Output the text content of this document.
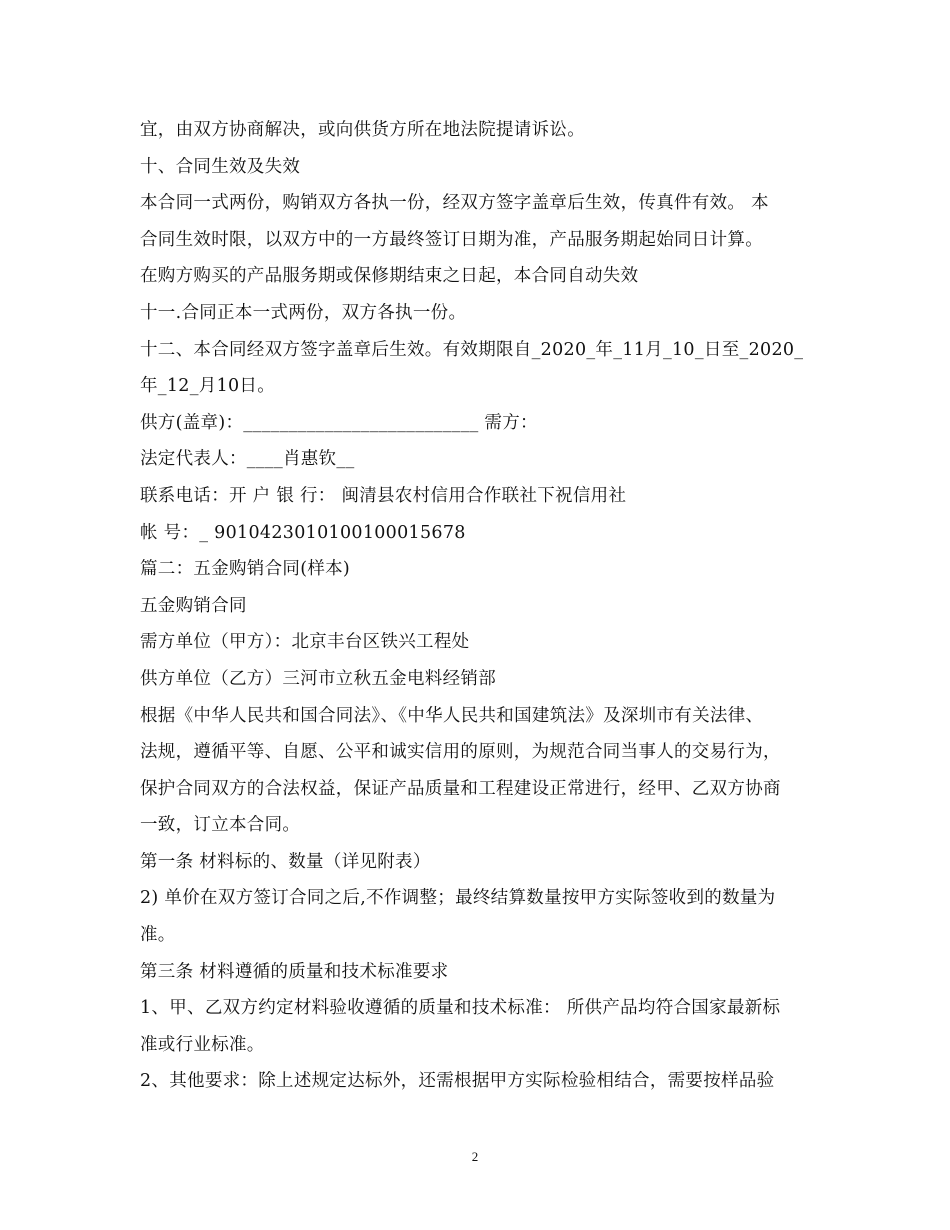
宜，由双方协商解决，或向供货方所在地法院提请诉讼。
十、合同生效及失效
本合同一式两份，购销双方各执一份，经双方签字盖章后生效，传真件有效。 本
合同生效时限，以双方中的一方最终签订日期为准，产品服务期起始同日计算。
在购方购买的产品服务期或保修期结束之日起，本合同自动失效
十一.合同正本一式两份，双方各执一份。
十二、本合同经双方签字盖章后生效。有效期限自_2020_年_11月_10_日至_2020_
年_12_月10日。
供方(盖章)：__________________________ 需方：
法定代表人：____肖惠钦__
联系电话：开 户 银 行： 闽清县农村信用合作联社下祝信用社
帐 号：_ 9010423010100100015678
篇二：五金购销合同(样本)
五金购销合同
需方单位（甲方）：北京丰台区铁兴工程处
供方单位（乙方）三河市立秋五金电料经销部
根据《中华人民共和国合同法》、《中华人民共和国建筑法》及深圳市有关法律、
法规，遵循平等、自愿、公平和诚实信用的原则，为规范合同当事人的交易行为，
保护合同双方的合法权益，保证产品质量和工程建设正常进行，经甲、乙双方协商
一致，订立本合同。
第一条 材料标的、数量（详见附表）
2) 单价在双方签订合同之后,不作调整；最终结算数量按甲方实际签收到的数量为
准。
第三条 材料遵循的质量和技术标准要求
1、甲、乙双方约定材料验收遵循的质量和技术标准： 所供产品均符合国家最新标
准或行业标准。
2、其他要求：除上述规定达标外，还需根据甲方实际检验相结合，需要按样品验
2
